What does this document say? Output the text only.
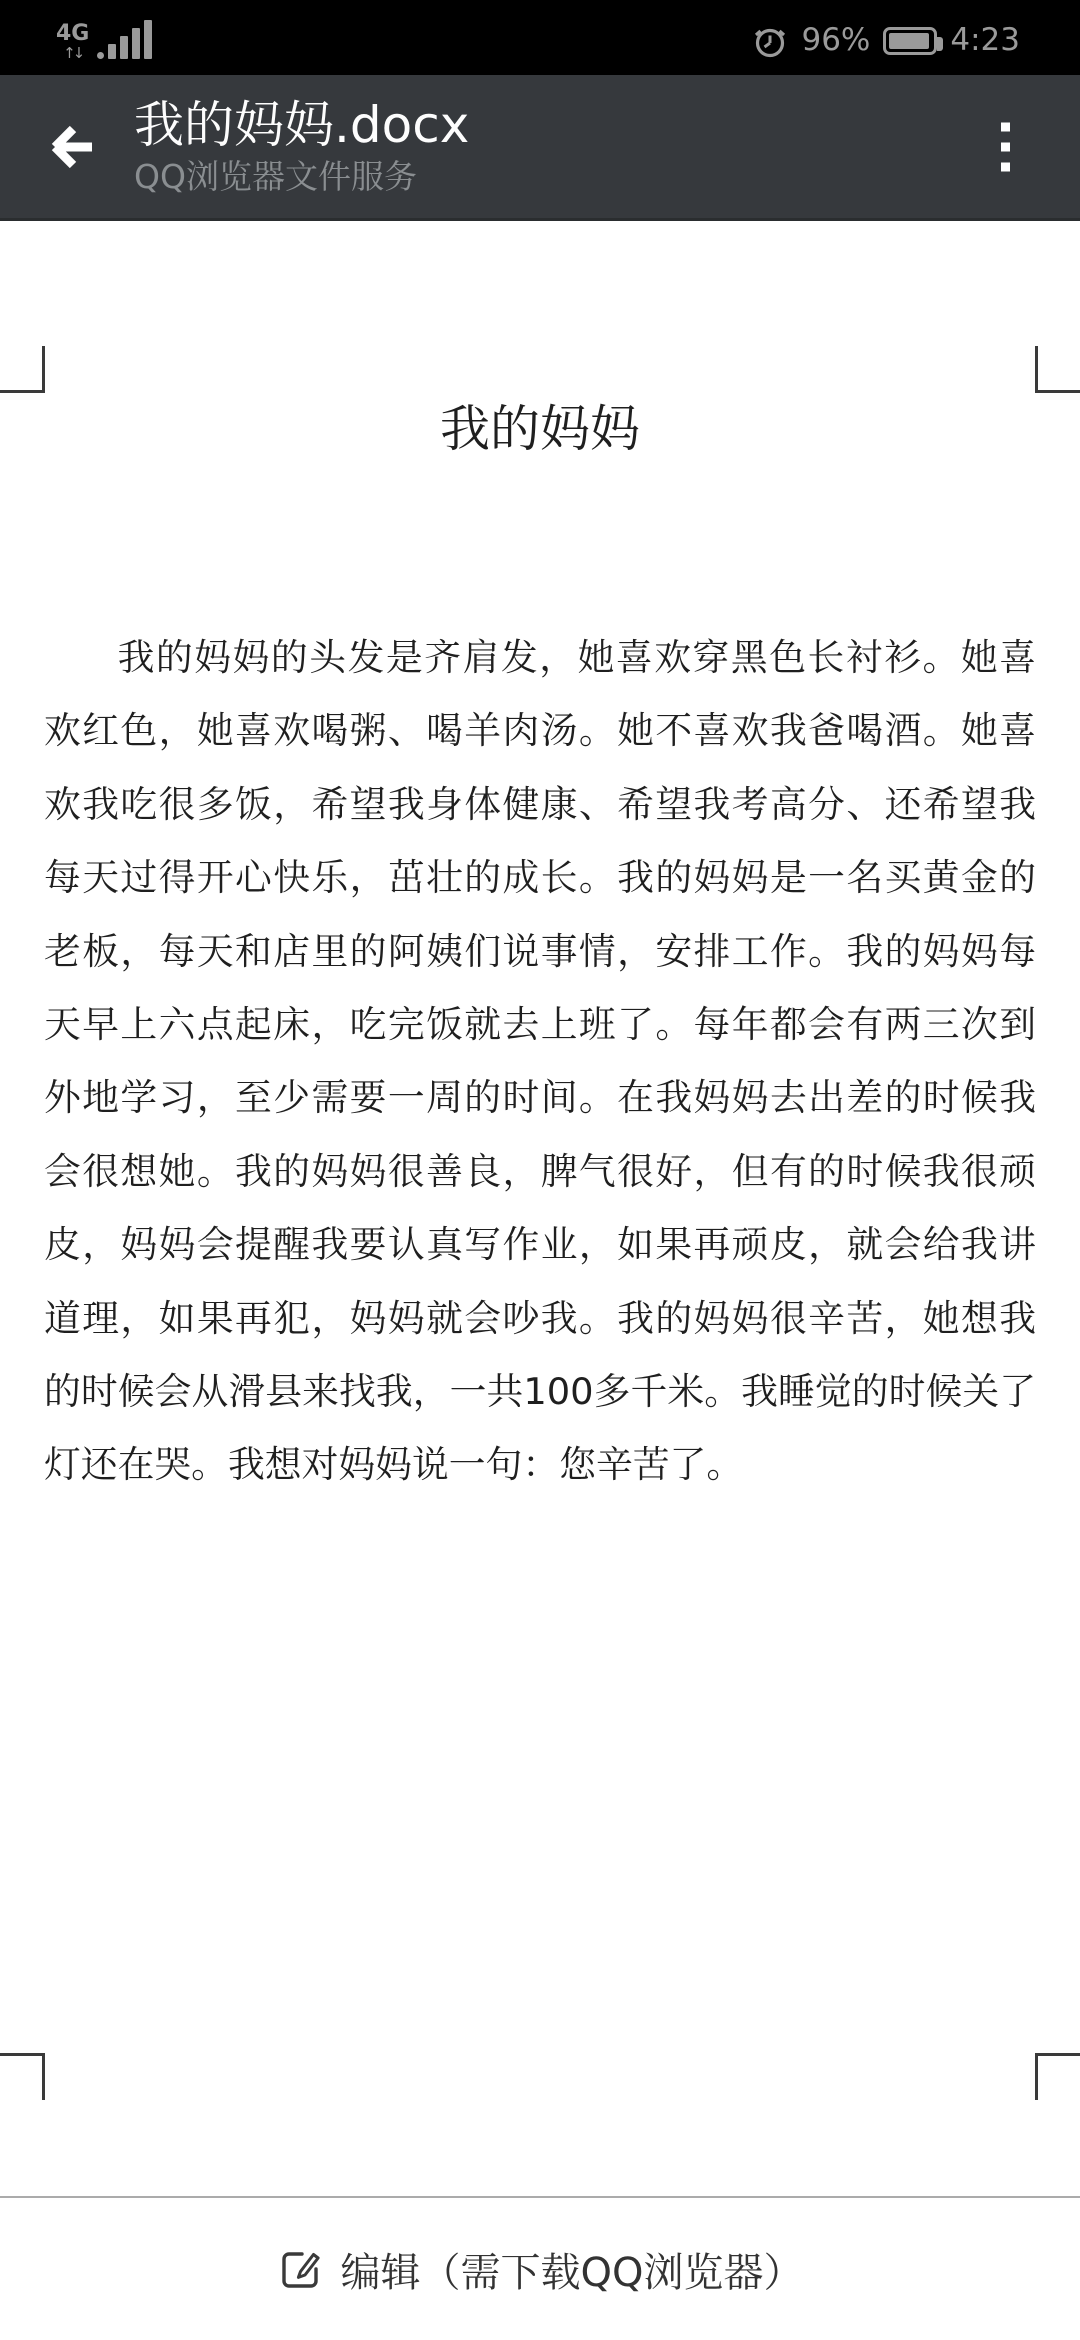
4G
↑↓	96%	4:23
我的妈妈.docx
QQ浏览器文件服务
我的妈妈
我的妈妈的头发是齐肩发，她喜欢穿黑色长衬衫。她喜欢红色，她喜欢喝粥、喝羊肉汤。她不喜欢我爸喝酒。她喜欢我吃很多饭，希望我身体健康、希望我考高分、还希望我每天过得开心快乐，茁壮的成长。我的妈妈是一名买黄金的老板，每天和店里的阿姨们说事情，安排工作。我的妈妈每天早上六点起床，吃完饭就去上班了。每年都会有两三次到外地学习，至少需要一周的时间。在我妈妈去出差的时候我会很想她。我的妈妈很善良，脾气很好，但有的时候我很顽皮，妈妈会提醒我要认真写作业，如果再顽皮，就会给我讲道理，如果再犯，妈妈就会吵我。我的妈妈很辛苦，她想我的时候会从滑县来找我，一共100多千米。我睡觉的时候关了灯还在哭。我想对妈妈说一句：您辛苦了。
编辑（需下载QQ浏览器）
